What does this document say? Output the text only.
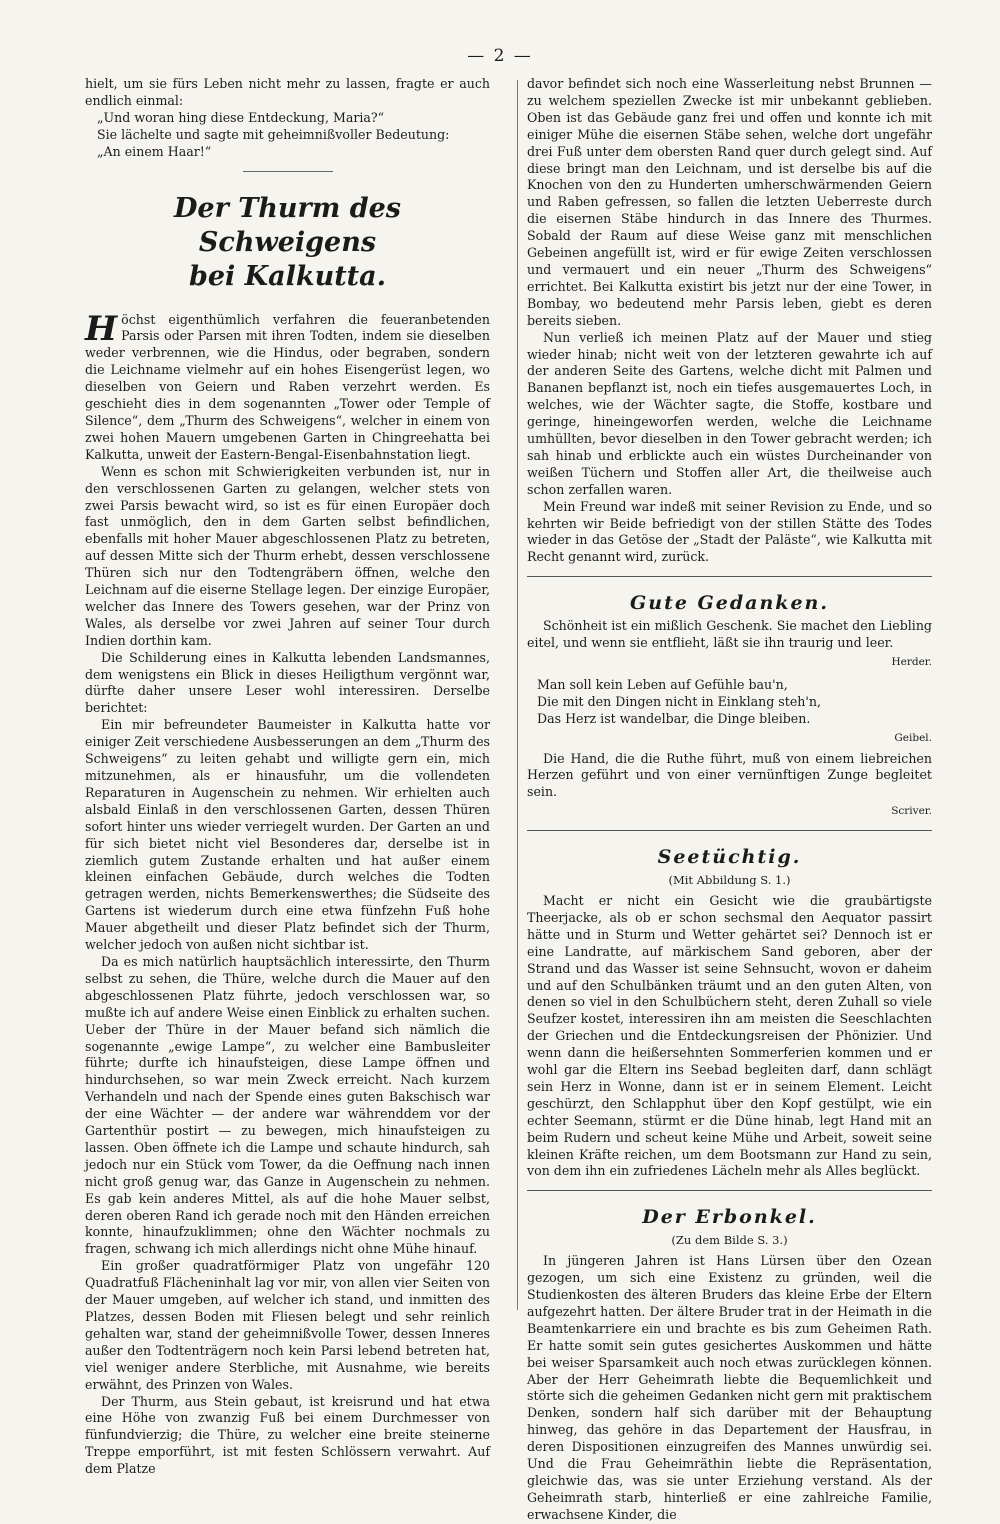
— 2 —

hielt, um sie fürs Leben nicht mehr zu lassen, fragte er auch endlich einmal:

„Und woran hing diese Entdeckung, Maria?“

Sie lächelte und sagte mit geheimnißvoller Bedeutung:

„An einem Haar!“

Der Thurm des Schweigens
bei Kalkutta.

Höchst eigenthümlich verfahren die feueranbetenden Parsis oder Parsen mit ihren Todten, indem sie dieselben weder verbrennen, wie die Hindus, oder begraben, sondern die Leichname vielmehr auf ein hohes Eisengerüst legen, wo dieselben von Geiern und Raben verzehrt werden. Es geschieht dies in dem sogenannten „Tower oder Temple of Silence“, dem „Thurm des Schweigens“, welcher in einem von zwei hohen Mauern umgebenen Garten in Chingreehatta bei Kalkutta, unweit der Eastern-Bengal-Eisenbahnstation liegt.

Wenn es schon mit Schwierigkeiten verbunden ist, nur in den verschlossenen Garten zu gelangen, welcher stets von zwei Parsis bewacht wird, so ist es für einen Europäer doch fast unmöglich, den in dem Garten selbst befindlichen, ebenfalls mit hoher Mauer abgeschlossenen Platz zu betreten, auf dessen Mitte sich der Thurm erhebt, dessen verschlossene Thüren sich nur den Todtengräbern öffnen, welche den Leichnam auf die eiserne Stellage legen. Der einzige Europäer, welcher das Innere des Towers gesehen, war der Prinz von Wales, als derselbe vor zwei Jahren auf seiner Tour durch Indien dorthin kam.

Die Schilderung eines in Kalkutta lebenden Landsmannes, dem wenigstens ein Blick in dieses Heiligthum vergönnt war, dürfte daher unsere Leser wohl interessiren. Derselbe berichtet:

Ein mir befreundeter Baumeister in Kalkutta hatte vor einiger Zeit verschiedene Ausbesserungen an dem „Thurm des Schweigens“ zu leiten gehabt und willigte gern ein, mich mitzunehmen, als er hinausfuhr, um die vollendeten Reparaturen in Augenschein zu nehmen. Wir erhielten auch alsbald Einlaß in den verschlossenen Garten, dessen Thüren sofort hinter uns wieder verriegelt wurden. Der Garten an und für sich bietet nicht viel Besonderes dar, derselbe ist in ziemlich gutem Zustande erhalten und hat außer einem kleinen einfachen Gebäude, durch welches die Todten getragen werden, nichts Bemerkenswerthes; die Südseite des Gartens ist wiederum durch eine etwa fünfzehn Fuß hohe Mauer abgetheilt und dieser Platz befindet sich der Thurm, welcher jedoch von außen nicht sichtbar ist.

Da es mich natürlich hauptsächlich interessirte, den Thurm selbst zu sehen, die Thüre, welche durch die Mauer auf den abgeschlossenen Platz führte, jedoch verschlossen war, so mußte ich auf andere Weise einen Einblick zu erhalten suchen. Ueber der Thüre in der Mauer befand sich nämlich die sogenannte „ewige Lampe“, zu welcher eine Bambusleiter führte; durfte ich hinaufsteigen, diese Lampe öffnen und hindurchsehen, so war mein Zweck erreicht. Nach kurzem Verhandeln und nach der Spende eines guten Bakschisch war der eine Wächter — der andere war währenddem vor der Gartenthür postirt — zu bewegen, mich hinaufsteigen zu lassen. Oben öffnete ich die Lampe und schaute hindurch, sah jedoch nur ein Stück vom Tower, da die Oeffnung nach innen nicht groß genug war, das Ganze in Augenschein zu nehmen. Es gab kein anderes Mittel, als auf die hohe Mauer selbst, deren oberen Rand ich gerade noch mit den Händen erreichen konnte, hinaufzuklimmen; ohne den Wächter nochmals zu fragen, schwang ich mich allerdings nicht ohne Mühe hinauf.

Ein großer quadratförmiger Platz von ungefähr 120 Quadratfuß Flächeninhalt lag vor mir, von allen vier Seiten von der Mauer umgeben, auf welcher ich stand, und inmitten des Platzes, dessen Boden mit Fliesen belegt und sehr reinlich gehalten war, stand der geheimnißvolle Tower, dessen Inneres außer den Todtenträgern noch kein Parsi lebend betreten hat, viel weniger andere Sterbliche, mit Ausnahme, wie bereits erwähnt, des Prinzen von Wales.

Der Thurm, aus Stein gebaut, ist kreisrund und hat etwa eine Höhe von zwanzig Fuß bei einem Durchmesser von fünfundvierzig; die Thüre, zu welcher eine breite steinerne Treppe emporführt, ist mit festen Schlössern verwahrt. Auf dem Platze

davor befindet sich noch eine Wasserleitung nebst Brunnen — zu welchem speziellen Zwecke ist mir unbekannt geblieben. Oben ist das Gebäude ganz frei und offen und konnte ich mit einiger Mühe die eisernen Stäbe sehen, welche dort ungefähr drei Fuß unter dem obersten Rand quer durch gelegt sind. Auf diese bringt man den Leichnam, und ist derselbe bis auf die Knochen von den zu Hunderten umherschwärmenden Geiern und Raben gefressen, so fallen die letzten Ueberreste durch die eisernen Stäbe hindurch in das Innere des Thurmes. Sobald der Raum auf diese Weise ganz mit menschlichen Gebeinen angefüllt ist, wird er für ewige Zeiten verschlossen und vermauert und ein neuer „Thurm des Schweigens“ errichtet. Bei Kalkutta existirt bis jetzt nur der eine Tower, in Bombay, wo bedeutend mehr Parsis leben, giebt es deren bereits sieben.

Nun verließ ich meinen Platz auf der Mauer und stieg wieder hinab; nicht weit von der letzteren gewahrte ich auf der anderen Seite des Gartens, welche dicht mit Palmen und Bananen bepflanzt ist, noch ein tiefes ausgemauertes Loch, in welches, wie der Wächter sagte, die Stoffe, kostbare und geringe, hineingeworfen werden, welche die Leichname umhüllten, bevor dieselben in den Tower gebracht werden; ich sah hinab und erblickte auch ein wüstes Durcheinander von weißen Tüchern und Stoffen aller Art, die theilweise auch schon zerfallen waren.

Mein Freund war indeß mit seiner Revision zu Ende, und so kehrten wir Beide befriedigt von der stillen Stätte des Todes wieder in das Getöse der „Stadt der Paläste“, wie Kalkutta mit Recht genannt wird, zurück.

Gute Gedanken.

Schönheit ist ein mißlich Geschenk. Sie machet den Liebling eitel, und wenn sie entflieht, läßt sie ihn traurig und leer.

Herder.
Man soll kein Leben auf Gefühle bau'n,
Die mit den Dingen nicht in Einklang steh'n,
Das Herz ist wandelbar, die Dinge bleiben.
Geibel.

Die Hand, die die Ruthe führt, muß von einem liebreichen Herzen geführt und von einer vernünftigen Zunge begleitet sein.

Scriver.
Seetüchtig.
(Mit Abbildung S. 1.)

Macht er nicht ein Gesicht wie die graubärtigste Theerjacke, als ob er schon sechsmal den Aequator passirt hätte und in Sturm und Wetter gehärtet sei? Dennoch ist er eine Landratte, auf märkischem Sand geboren, aber der Strand und das Wasser ist seine Sehnsucht, wovon er daheim und auf den Schulbänken träumt und an den guten Alten, von denen so viel in den Schulbüchern steht, deren Zuhall so viele Seufzer kostet, interessiren ihn am meisten die Seeschlachten der Griechen und die Entdeckungsreisen der Phönizier. Und wenn dann die heißersehnten Sommerferien kommen und er wohl gar die Eltern ins Seebad begleiten darf, dann schlägt sein Herz in Wonne, dann ist er in seinem Element. Leicht geschürzt, den Schlapphut über den Kopf gestülpt, wie ein echter Seemann, stürmt er die Düne hinab, legt Hand mit an beim Rudern und scheut keine Mühe und Arbeit, soweit seine kleinen Kräfte reichen, um dem Bootsmann zur Hand zu sein, von dem ihn ein zufriedenes Lächeln mehr als Alles beglückt.

Der Erbonkel.
(Zu dem Bilde S. 3.)

In jüngeren Jahren ist Hans Lürsen über den Ozean gezogen, um sich eine Existenz zu gründen, weil die Studienkosten des älteren Bruders das kleine Erbe der Eltern aufgezehrt hatten. Der ältere Bruder trat in der Heimath in die Beamtenkarriere ein und brachte es bis zum Geheimen Rath. Er hatte somit sein gutes gesichertes Auskommen und hätte bei weiser Sparsamkeit auch noch etwas zurücklegen können. Aber der Herr Geheimrath liebte die Bequemlichkeit und störte sich die geheimen Gedanken nicht gern mit praktischem Denken, sondern half sich darüber mit der Behauptung hinweg, das gehöre in das Departement der Hausfrau, in deren Dispositionen einzugreifen des Mannes unwürdig sei. Und die Frau Geheimräthin liebte die Repräsentation, gleichwie das, was sie unter Erziehung verstand. Als der Geheimrath starb, hinterließ er eine zahlreiche Familie, erwachsene Kinder, die
